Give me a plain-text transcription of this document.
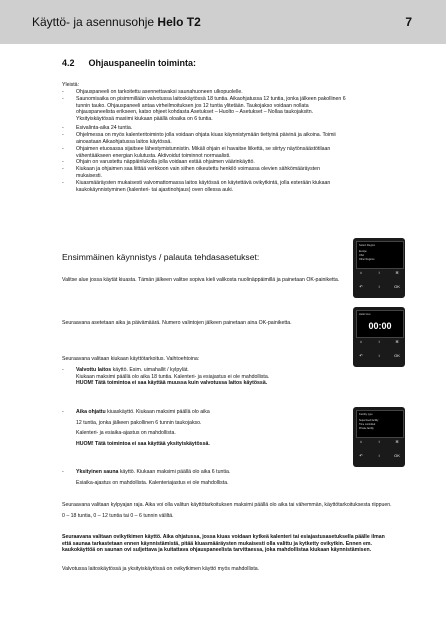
Käyttö- ja asennusohje Helo T2	7
4.2 Ohjauspaneelin toiminta:
Yleistä:
- Ohjauspaneeli on tarkoitettu asennettavaksi saunahuoneen ulkopuolelle.
- Saunomisaika on pisimmillään valvotussa laitoskäytössä 18 tuntia. Aikaohjatussa 12 tuntia, jonka jälkeen pakollinen 6 tunnin tauko. Ohjauspaneeli antaa virheilmoituksen jos 12 tuntia ylitetään. Taukojakso voidaan nollata ohjauspaneelista erikseen, katso ohjeet kohdasta Asetukset – Huolto – Asetukset – Nollaa taukojaksitn. Yksityiskäytössä maxiimi kiukaan päällä oloaika on 6 tuntia.
- Esivalinta-aika 24 tuntia.
- Ohjelmessa on myös kalenteritoiminto jolla voidaan ohjata kiuas käynnistymään tiettyinä päivinä ja aikoina. Toimii ainoastaan Aikaohjatussa laitos käytössä.
- Ohjaimen etuosassa sijaitsee lähestymistunnistin. Mikäli ohjain ei havaitse liikettä, se siirtyy näytönsäästötilaan vähentääkseen energian kulutusta. Aktivoidut toiminnot normaalisti.
- Ohjain on varustettu näppäinlukolla jolla voidaan estää ohjaimen väärinkäyttö.
- Kiukaan ja ohjaimen saa liittää verkkoon vain siihen oikeutettu henkilö voimassa olevien sähkömääräysten mukaisesti.
- Kiuasmääräysten mukaisesti valvomattomassa laitos käytössä on käytettävä ovikytkintä, jolla esterään kiukaan kaukokäynnistyminen (kalenteri- tai ajastinohjaus) oven ollessa auki.
Ensimmäinen käynnistys / palauta tehdasasetukset:
Valitse alue jossa käytät kiuasta. Tämän jälkeen valitse sopiva kieli valikosta nuolinäppäimillä ja painetaan OK-painiketta.
Seuraavana asetetaan aika ja päivämäärä. Numero valintojen jälkeen painetaan aina OK-painiketta.
Seuraavana valitaan kiukaan käyttötarkoitus. Vaihtoehtoina:
- Valvottu laitos käyttö. Esim. uimahallit / kylpylät.
Kiukaan maksimi päällä olo aika 18 tuntia. Kalenteri- ja esiajastus ei ole mahdollista.
HUOM! Tätä toimintoa ei saa käyttää muussa kuin valvotussa laitos käytössä.
- Aika ohjattu kiuaskäyttö. Kiukaan maksimi päällä olo aika
12 tuntia, jonka jälkeen pakollinen 6 tunnin taukojakso.
Kalenteri- ja esiaika-ajastus on mahdollista.
HUOM! Tätä toimintoa ei saa käyttää yksityiskäytössä.
- Yksityinen sauna käyttö. Kiukaan maksimi päällä olo aika 6 tuntia.
Esiaika-ajastus on mahdollista. Kalenteriajastus ei ole mahdollista.
Seuraavana valitaan kylpyajan raja. Aika voi olla valitun käyttötarkoituksen maksimi päällä olo aika tai vähemmän, käyttötarkoituksesta riippuen. 0 – 18 tuntia, 0 – 12 tuntia tai 0 – 6 tunnin väliltä.
Seuraavana valitaan ovikytkimen käyttö. Aika ohjatussa, jossa kiuas voidaan kytkeä kalenteri tai esiajastusasetuksella päälle ilman että saunaa tarkastetaan ennen käynnistämistä, pitää kiuasmääräysten mukaisesti olla valittu ja kytketty ovikytkin. Ennen em. kaukokäyttöä on saunan ovi suljettava ja kuitattava ohjauspaneelista tarvittaessa, joka mahdollistaa kiukaan käynnistämisen.
Valvotussa laitoskäytössä ja yksityiskäytössä on ovikytkimen käyttö myös mahdollista.
Select Region
Europe
USA
Other Regions
⌂	↕	✲
↶	↕	OK
Hello time
00:00
⌂	↕	✲
↶	↕	OK
Facility type
Supervised facility
Time controlled
Private facility
⌂	↕	✲
↶	↕	OK
